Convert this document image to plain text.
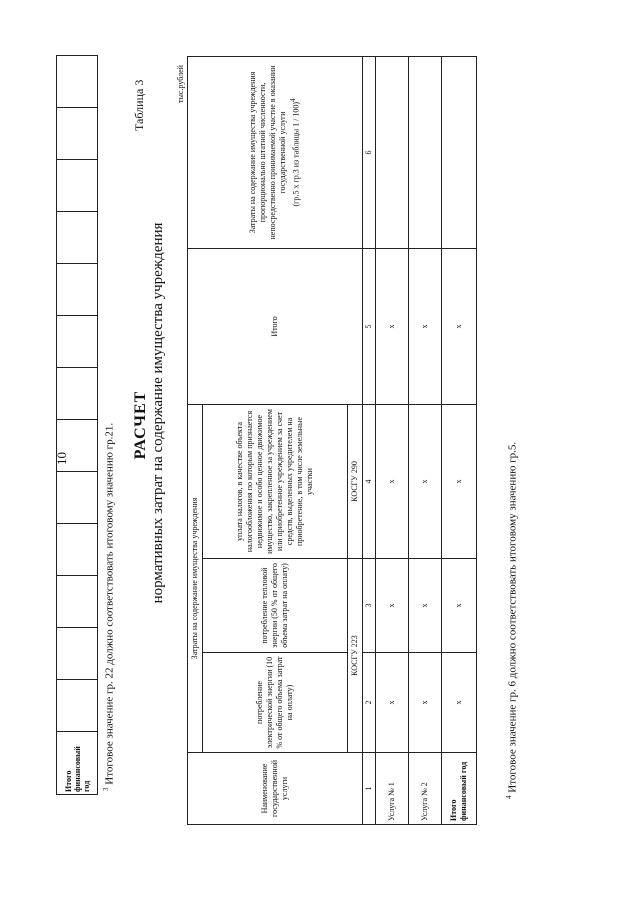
10
Итого финансовый год													$^3$ Итоговое значение гр. 22 должно соответствовать итоговому значению гр.21.
Таблица 3
РАСЧЕТ нормативных затрат на содержание имущества учреждения
тыс.рублей
Наименование государственной услуги	Затраты на содержание имущества учреждения			Итого	Затраты на содержание имущества учреждения пропорционально штатной численности, непосредственно принимаемой участие в оказании государственной услуги (гр.5 х гр.3 из таблицы 1 / 100)$^4$
	потребление электрической энергии (10 % от общего объема затрат на оплату)	потребление тепловой энергии (50 % от общего объема затрат на оплату)	уплата налогов, в качестве объекта налогообложения по которым признается недвижимое и особо ценное движимое имущество, закрепленное за учреждением или приобретенное учреждением за счет средств, выделенных учредителем на приобретение, в том числе земельные участки		
	КОСГУ 223		КОСГУ 290		
1	2	3	4	5	6
Услуга № 1	х	х	х	х	
Услуга № 2	х	х	х	х	
Итого финансовый год	х	х	х	х	
$^4$ Итоговое значение гр. 6 должно соответствовать итоговому значению гр.5.
